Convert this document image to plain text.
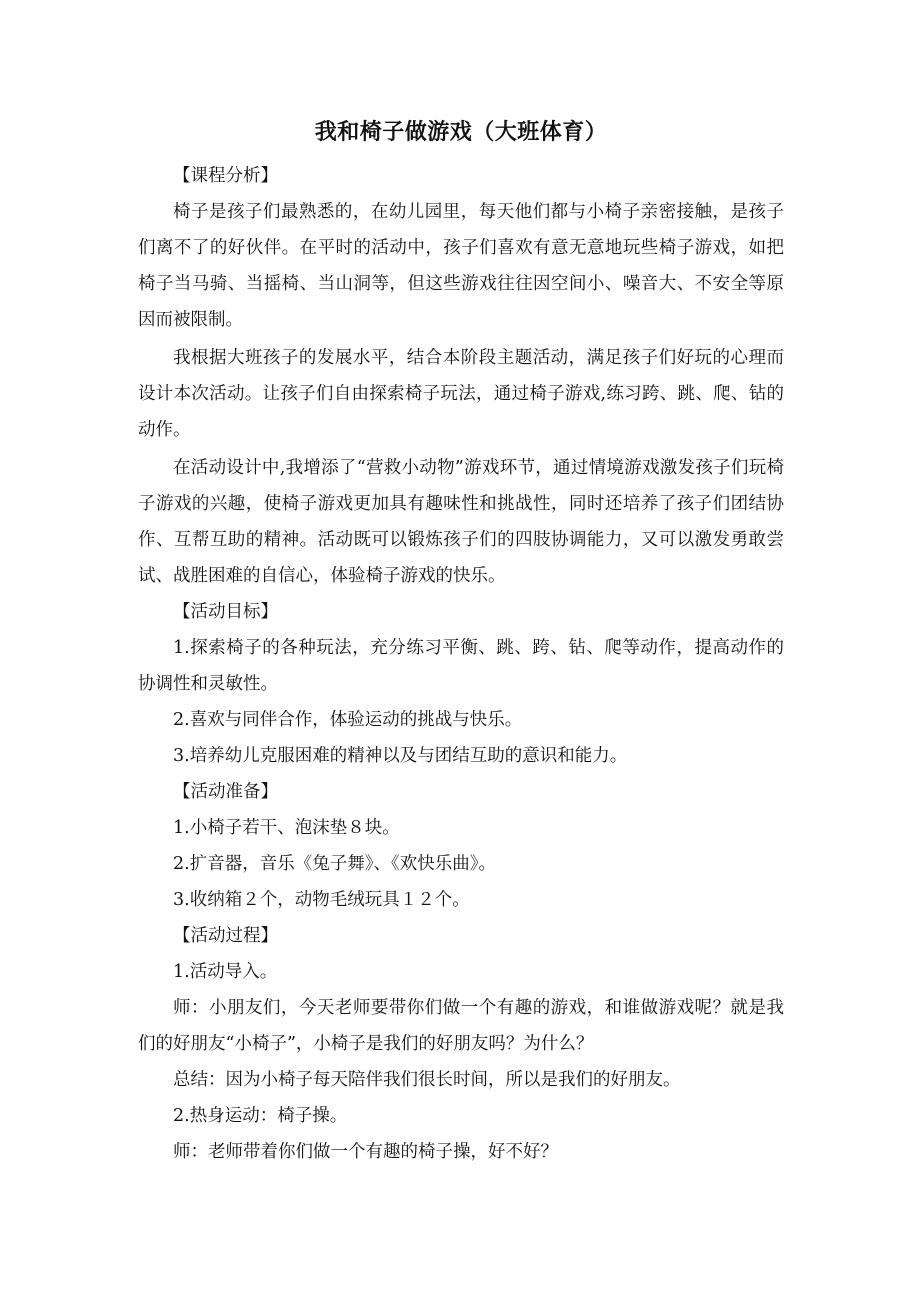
我和椅子做游戏（大班体育）
【课程分析】

椅子是孩子们最熟悉的，在幼儿园里，每天他们都与小椅子亲密接触，是孩子们离不了的好伙伴。在平时的活动中，孩子们喜欢有意无意地玩些椅子游戏，如把椅子当马骑、当摇椅、当山洞等，但这些游戏往往因空间小、噪音大、不安全等原因而被限制。

我根据大班孩子的发展水平，结合本阶段主题活动，满足孩子们好玩的心理而设计本次活动。让孩子们自由探索椅子玩法，通过椅子游戏,练习跨、跳、爬、钻的动作。

在活动设计中,我增添了“营救小动物”游戏环节，通过情境游戏激发孩子们玩椅子游戏的兴趣，使椅子游戏更加具有趣味性和挑战性，同时还培养了孩子们团结协作、互帮互助的精神。活动既可以锻炼孩子们的四肢协调能力，又可以激发勇敢尝试、战胜困难的自信心，体验椅子游戏的快乐。

【活动目标】

1.探索椅子的各种玩法，充分练习平衡、跳、跨、钻、爬等动作，提高动作的协调性和灵敏性。

2.喜欢与同伴合作，体验运动的挑战与快乐。

3.培养幼儿克服困难的精神以及与团结互助的意识和能力。

【活动准备】

1.小椅子若干、泡沫垫８块。

2.扩音器，音乐《兔子舞》、《欢快乐曲》。

3.收纳箱２个，动物毛绒玩具１２个。

【活动过程】

1.活动导入。

师：小朋友们，今天老师要带你们做一个有趣的游戏，和谁做游戏呢？就是我们的好朋友“小椅子”，小椅子是我们的好朋友吗？为什么？

总结：因为小椅子每天陪伴我们很长时间，所以是我们的好朋友。

2.热身运动：椅子操。

师：老师带着你们做一个有趣的椅子操，好不好？
